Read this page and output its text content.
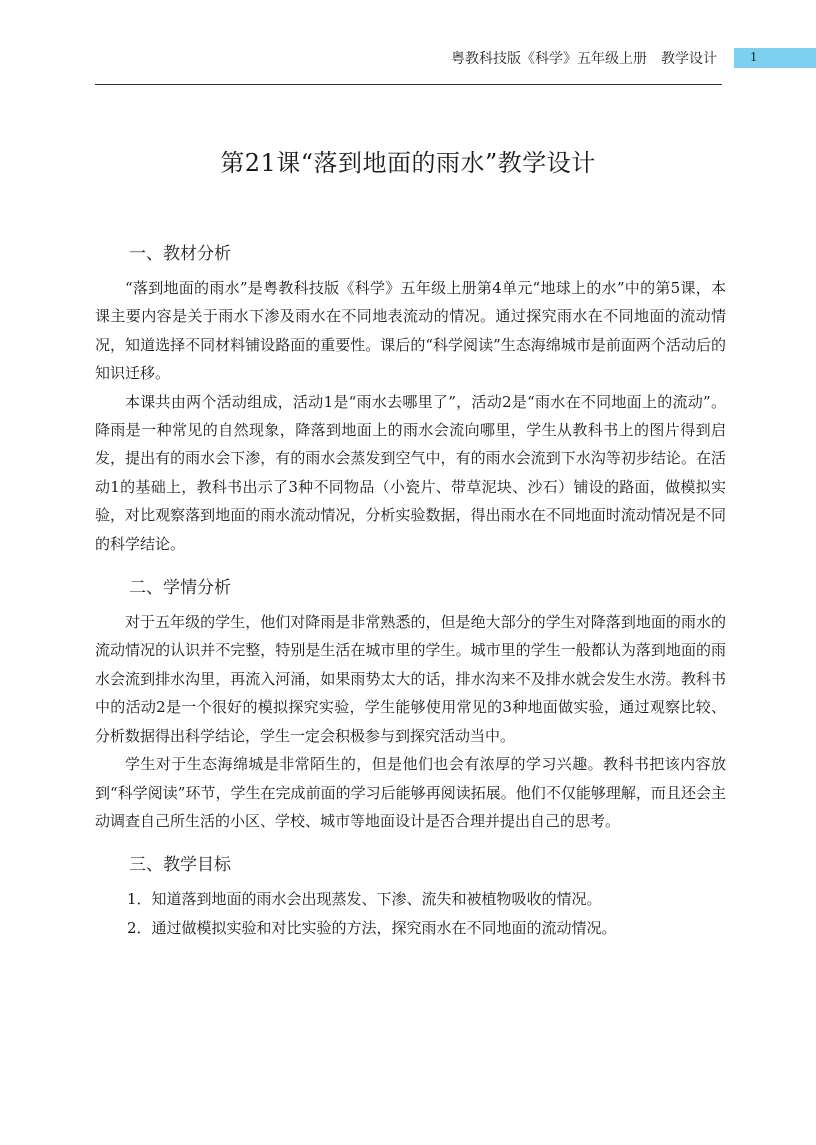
粤教科技版《科学》五年级上册　教学设计	1
第21课“落到地面的雨水”教学设计
一、教材分析

“落到地面的雨水”是粤教科技版《科学》五年级上册第4单元“地球上的水”中的第5课，本课主要内容是关于雨水下渗及雨水在不同地表流动的情况。通过探究雨水在不同地面的流动情况，知道选择不同材料铺设路面的重要性。课后的“科学阅读”生态海绵城市是前面两个活动后的知识迁移。

本课共由两个活动组成，活动1是“雨水去哪里了”，活动2是“雨水在不同地面上的流动”。降雨是一种常见的自然现象，降落到地面上的雨水会流向哪里，学生从教科书上的图片得到启发，提出有的雨水会下渗，有的雨水会蒸发到空气中，有的雨水会流到下水沟等初步结论。在活动1的基础上，教科书出示了3种不同物品（小瓷片、带草泥块、沙石）铺设的路面，做模拟实验，对比观察落到地面的雨水流动情况，分析实验数据，得出雨水在不同地面时流动情况是不同的科学结论。

二、学情分析

对于五年级的学生，他们对降雨是非常熟悉的，但是绝大部分的学生对降落到地面的雨水的流动情况的认识并不完整，特别是生活在城市里的学生。城市里的学生一般都认为落到地面的雨水会流到排水沟里，再流入河涌，如果雨势太大的话，排水沟来不及排水就会发生水涝。教科书中的活动2是一个很好的模拟探究实验，学生能够使用常见的3种地面做实验，通过观察比较、分析数据得出科学结论，学生一定会积极参与到探究活动当中。

学生对于生态海绵城是非常陌生的，但是他们也会有浓厚的学习兴趣。教科书把该内容放到“科学阅读”环节，学生在完成前面的学习后能够再阅读拓展。他们不仅能够理解，而且还会主动调查自己所生活的小区、学校、城市等地面设计是否合理并提出自己的思考。

三、教学目标

1．知道落到地面的雨水会出现蒸发、下渗、流失和被植物吸收的情况。

2．通过做模拟实验和对比实验的方法，探究雨水在不同地面的流动情况。
